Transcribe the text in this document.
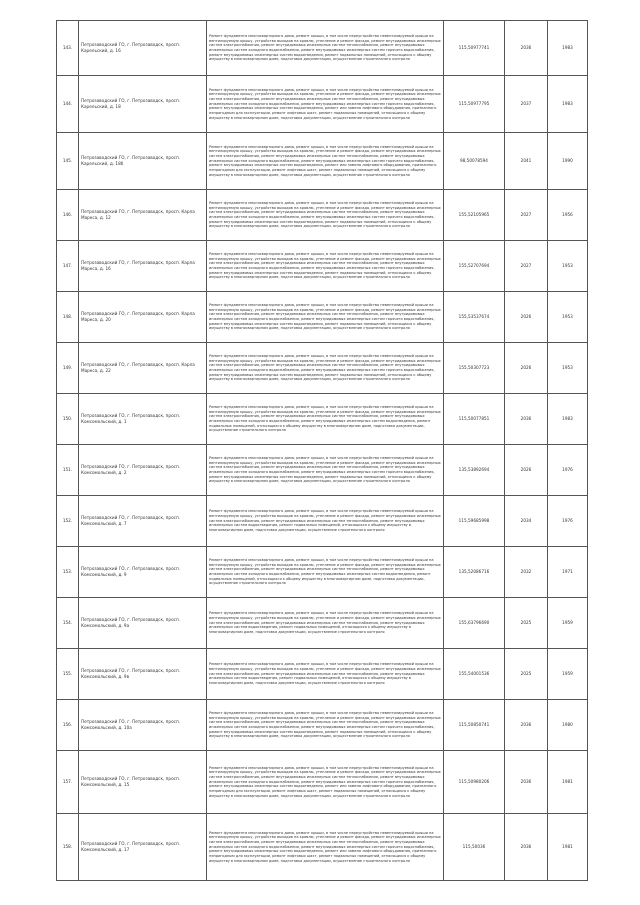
143.	Петрозаводский ГО, г. Петрозаводск, просп. Карельский, д. 16	Ремонт фундамента многоквартирного дома, ремонт крыши, в том числе переустройство невентилируемой крыши на вентилируемую крышу, устройство выходов на кровлю, утепление и ремонт фасада, ремонт внутридомовых инженерных систем электроснабжения, ремонт внутридомовых инженерных систем теплоснабжения, ремонт внутридомовых инженерных систем холодного водоснабжения, ремонт внутридомовых инженерных систем горячего водоснабжения, ремонт внутридомовых инженерных систем водоотведения, ремонт подвальных помещений, относящихся к общему имуществу в многоквартирном доме, подготовка документации, осуществление строительного контроля	115,50977741	2036	1983
144.	Петрозаводский ГО, г. Петрозаводск, просп. Карельский, д. 18	Ремонт фундамента многоквартирного дома, ремонт крыши, в том числе переустройство невентилируемой крыши на вентилируемую крышу, устройство выходов на кровлю, утепление и ремонт фасада, ремонт внутридомовых инженерных систем электроснабжения, ремонт внутридомовых инженерных систем теплоснабжения, ремонт внутридомовых инженерных систем холодного водоснабжения, ремонт внутридомовых инженерных систем горячего водоснабжения, ремонт внутридомовых инженерных систем водоотведения, ремонт или замена лифтового оборудования, признанного непригодным для эксплуатации, ремонт лифтовых шахт, ремонт подвальных помещений, относящихся к общему имуществу в многоквартирном доме, подготовка документации, осуществление строительного контроля	115,50977795	2037	1983
145.	Петрозаводский ГО, г. Петрозаводск, просп. Карельский, д. 18б	Ремонт фундамента многоквартирного дома, ремонт крыши, в том числе переустройство невентилируемой крыши на вентилируемую крышу, устройство выходов на кровлю, утепление и ремонт фасада, ремонт внутридомовых инженерных систем электроснабжения, ремонт внутридомовых инженерных систем теплоснабжения, ремонт внутридомовых инженерных систем холодного водоснабжения, ремонт внутридомовых инженерных систем горячего водоснабжения, ремонт внутридомовых инженерных систем водоотведения, ремонт или замена лифтового оборудования, признанного непригодным для эксплуатации, ремонт лифтовых шахт, ремонт подвальных помещений, относящихся к общему имуществу в многоквартирном доме, подготовка документации, осуществление строительного контроля	98,50078594	2041	1990
146.	Петрозаводский ГО, г. Петрозаводск, просп. Карла Маркса, д. 12	Ремонт фундамента многоквартирного дома, ремонт крыши, в том числе переустройство невентилируемой крыши на вентилируемую крышу, устройство выходов на кровлю, утепление и ремонт фасада, ремонт внутридомовых инженерных систем электроснабжения, ремонт внутридомовых инженерных систем теплоснабжения, ремонт внутридомовых инженерных систем холодного водоснабжения, ремонт внутридомовых инженерных систем горячего водоснабжения, ремонт внутридомовых инженерных систем водоотведения, ремонт подвальных помещений, относящихся к общему имуществу в многоквартирном доме, подготовка документации, осуществление строительного контроля	155,52105965	2027	1956
147.	Петрозаводский ГО, г. Петрозаводск, просп. Карла Маркса, д. 16	Ремонт фундамента многоквартирного дома, ремонт крыши, в том числе переустройство невентилируемой крыши на вентилируемую крышу, устройство выходов на кровлю, утепление и ремонт фасада, ремонт внутридомовых инженерных систем электроснабжения, ремонт внутридомовых инженерных систем теплоснабжения, ремонт внутридомовых инженерных систем холодного водоснабжения, ремонт внутридомовых инженерных систем горячего водоснабжения, ремонт внутридомовых инженерных систем водоотведения, ремонт подвальных помещений, относящихся к общему имуществу в многоквартирном доме, подготовка документации, осуществление строительного контроля	155,52707694	2027	1953
148.	Петрозаводский ГО, г. Петрозаводск, просп. Карла Маркса, д. 20	Ремонт фундамента многоквартирного дома, ремонт крыши, в том числе переустройство невентилируемой крыши на вентилируемую крышу, устройство выходов на кровлю, утепление и ремонт фасада, ремонт внутридомовых инженерных систем электроснабжения, ремонт внутридомовых инженерных систем теплоснабжения, ремонт внутридомовых инженерных систем холодного водоснабжения, ремонт внутридомовых инженерных систем горячего водоснабжения, ремонт внутридомовых инженерных систем водоотведения, ремонт подвальных помещений, относящихся к общему имуществу в многоквартирном доме, подготовка документации, осуществление строительного контроля	155,53537674	2026	1953
149.	Петрозаводский ГО, г. Петрозаводск, просп. Карла Маркса, д. 22	Ремонт фундамента многоквартирного дома, ремонт крыши, в том числе переустройство невентилируемой крыши на вентилируемую крышу, устройство выходов на кровлю, утепление и ремонт фасада, ремонт внутридомовых инженерных систем электроснабжения, ремонт внутридомовых инженерных систем теплоснабжения, ремонт внутридомовых инженерных систем холодного водоснабжения, ремонт внутридомовых инженерных систем горячего водоснабжения, ремонт внутридомовых инженерных систем водоотведения, ремонт подвальных помещений, относящихся к общему имуществу в многоквартирном доме, подготовка документации, осуществление строительного контроля	155,50307723	2026	1953
150.	Петрозаводский ГО, г. Петрозаводск, просп. Комсомольский, д. 1	Ремонт фундамента многоквартирного дома, ремонт крыши, в том числе переустройство невентилируемой крыши на вентилируемую крышу, устройство выходов на кровлю, утепление и ремонт фасада, ремонт внутридомовых инженерных систем электроснабжения, ремонт внутридомовых инженерных систем теплоснабжения, ремонт внутридомовых инженерных систем холодного водоснабжения, ремонт внутридомовых инженерных систем водоотведения, ремонт подвальных помещений, относящихся к общему имуществу в многоквартирном доме, подготовка документации, осуществление строительного контроля	115,50077851	2036	1983
151.	Петрозаводский ГО, г. Петрозаводск, просп. Комсомольский, д. 2	Ремонт фундамента многоквартирного дома, ремонт крыши, в том числе переустройство невентилируемой крыши на вентилируемую крышу, устройство выходов на кровлю, утепление и ремонт фасада, ремонт внутридомовых инженерных систем электроснабжения, ремонт внутридомовых инженерных систем теплоснабжения, ремонт внутридомовых инженерных систем холодного водоснабжения, ремонт внутридомовых инженерных систем горячего водоснабжения, ремонт внутридомовых инженерных систем водоотведения, ремонт подвальных помещений, относящихся к общему имуществу в многоквартирном доме, подготовка документации, осуществление строительного контроля	135,53892694	2026	1976
152.	Петрозаводский ГО, г. Петрозаводск, просп. Комсомольский, д. 7	Ремонт фундамента многоквартирного дома, ремонт крыши, в том числе переустройство невентилируемой крыши на вентилируемую крышу, устройство выходов на кровлю, утепление и ремонт фасада, ремонт внутридомовых инженерных систем электроснабжения, ремонт внутридомовых инженерных систем теплоснабжения, ремонт внутридомовых инженерных систем водоотведения, ремонт подвальных помещений, относящихся к общему имуществу в многоквартирном доме, подготовка документации, осуществление строительного контроля	115,59685998	2034	1976
153.	Петрозаводский ГО, г. Петрозаводск, просп. Комсомольский, д. 9	Ремонт фундамента многоквартирного дома, ремонт крыши, в том числе переустройство невентилируемой крыши на вентилируемую крышу, устройство выходов на кровлю, утепление и ремонт фасада, ремонт внутридомовых инженерных систем электроснабжения, ремонт внутридомовых инженерных систем теплоснабжения, ремонт внутридомовых инженерных систем холодного водоснабжения, ремонт внутридомовых инженерных систем водоотведения, ремонт подвальных помещений, относящихся к общему имуществу в многоквартирном доме, подготовка документации, осуществление строительного контроля	135,52086716	2032	1971
154.	Петрозаводский ГО, г. Петрозаводск, просп. Комсомольский, д. 9а	Ремонт фундамента многоквартирного дома, ремонт крыши, в том числе переустройство невентилируемой крыши на вентилируемую крышу, устройство выходов на кровлю, утепление и ремонт фасада, ремонт внутридомовых инженерных систем электроснабжения, ремонт внутридомовых инженерных систем теплоснабжения, ремонт внутридомовых инженерных систем водоотведения, ремонт подвальных помещений, относящихся к общему имуществу в многоквартирном доме, подготовка документации, осуществление строительного контроля	155,63796690	2025	1959
155.	Петрозаводский ГО, г. Петрозаводск, просп. Комсомольский, д. 9в	Ремонт фундамента многоквартирного дома, ремонт крыши, в том числе переустройство невентилируемой крыши на вентилируемую крышу, устройство выходов на кровлю, утепление и ремонт фасада, ремонт внутридомовых инженерных систем электроснабжения, ремонт внутридомовых инженерных систем теплоснабжения, ремонт внутридомовых инженерных систем водоотведения, ремонт подвальных помещений, относящихся к общему имуществу в многоквартирном доме, подготовка документации, осуществление строительного контроля	155,54001536	2025	1959
156.	Петрозаводский ГО, г. Петрозаводск, просп. Комсомольский, д. 10а	Ремонт фундамента многоквартирного дома, ремонт крыши, в том числе переустройство невентилируемой крыши на вентилируемую крышу, устройство выходов на кровлю, утепление и ремонт фасада, ремонт внутридомовых инженерных систем электроснабжения, ремонт внутридомовых инженерных систем теплоснабжения, ремонт внутридомовых инженерных систем холодного водоснабжения, ремонт внутридомовых инженерных систем горячего водоснабжения, ремонт внутридомовых инженерных систем водоотведения, ремонт подвальных помещений, относящихся к общему имуществу в многоквартирном доме, подготовка документации, осуществление строительного контроля	115,50850741	2036	1980
157.	Петрозаводский ГО, г. Петрозаводск, просп. Комсомольский, д. 15	Ремонт фундамента многоквартирного дома, ремонт крыши, в том числе переустройство невентилируемой крыши на вентилируемую крышу, устройство выходов на кровлю, утепление и ремонт фасада, ремонт внутридомовых инженерных систем электроснабжения, ремонт внутридомовых инженерных систем теплоснабжения, ремонт внутридомовых инженерных систем холодного водоснабжения, ремонт внутридомовых инженерных систем горячего водоснабжения, ремонт внутридомовых инженерных систем водоотведения, ремонт или замена лифтового оборудования, признанного непригодным для эксплуатации, ремонт лифтовых шахт, ремонт подвальных помещений, относящихся к общему имуществу в многоквартирном доме, подготовка документации, осуществление строительного контроля	115,50980206	2036	1981
158.	Петрозаводский ГО, г. Петрозаводск, просп. Комсомольский, д. 17	Ремонт фундамента многоквартирного дома, ремонт крыши, в том числе переустройство невентилируемой крыши на вентилируемую крышу, устройство выходов на кровлю, утепление и ремонт фасада, ремонт внутридомовых инженерных систем электроснабжения, ремонт внутридомовых инженерных систем теплоснабжения, ремонт внутридомовых инженерных систем холодного водоснабжения, ремонт внутридомовых инженерных систем горячего водоснабжения, ремонт внутридомовых инженерных систем водоотведения, ремонт или замена лифтового оборудования, признанного непригодным для эксплуатации, ремонт лифтовых шахт, ремонт подвальных помещений, относящихся к общему имуществу в многоквартирном доме, подготовка документации, осуществление строительного контроля	115,50036	2036	1981
